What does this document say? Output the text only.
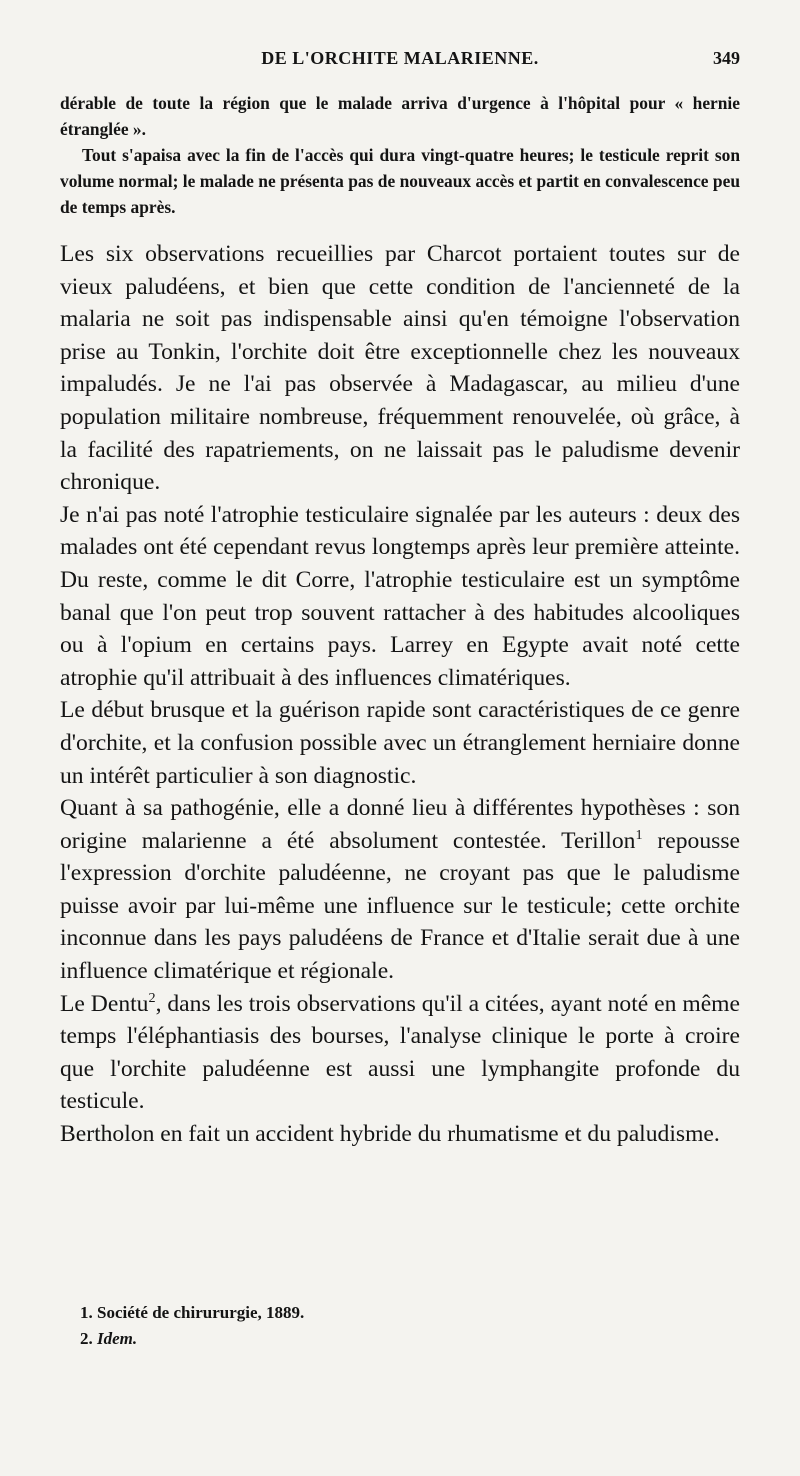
DE L'ORCHITE MALARIENNE.	349

dérable de toute la région que le malade arriva d'urgence à l'hôpital pour « hernie étranglée ».

Tout s'apaisa avec la fin de l'accès qui dura vingt-quatre heures; le testicule reprit son volume normal; le malade ne présenta pas de nouveaux accès et partit en convalescence peu de temps après.

Les six observations recueillies par Charcot portaient toutes sur de vieux paludéens, et bien que cette condition de l'ancienneté de la malaria ne soit pas indispensable ainsi qu'en témoigne l'observation prise au Tonkin, l'orchite doit être exceptionnelle chez les nouveaux impaludés. Je ne l'ai pas observée à Madagascar, au milieu d'une population militaire nombreuse, fréquemment renouvelée, où grâce, à la facilité des rapatriements, on ne laissait pas le paludisme devenir chronique.

Je n'ai pas noté l'atrophie testiculaire signalée par les auteurs : deux des malades ont été cependant revus longtemps après leur première atteinte. Du reste, comme le dit Corre, l'atrophie testiculaire est un symptôme banal que l'on peut trop souvent rattacher à des habitudes alcooliques ou à l'opium en certains pays. Larrey en Egypte avait noté cette atrophie qu'il attribuait à des influences climatériques.

Le début brusque et la guérison rapide sont caractéristiques de ce genre d'orchite, et la confusion possible avec un étranglement herniaire donne un intérêt particulier à son diagnostic.

Quant à sa pathogénie, elle a donné lieu à différentes hypothèses : son origine malarienne a été absolument contestée. Terillon$^1$ repousse l'expression d'orchite paludéenne, ne croyant pas que le paludisme puisse avoir par lui-même une influence sur le testicule; cette orchite inconnue dans les pays paludéens de France et d'Italie serait due à une influence climatérique et régionale.

Le Dentu$^2$, dans les trois observations qu'il a citées, ayant noté en même temps l'éléphantiasis des bourses, l'analyse clinique le porte à croire que l'orchite paludéenne est aussi une lymphangite profonde du testicule.

Bertholon en fait un accident hybride du rhumatisme et du paludisme.

1. Société de chirururgie, 1889.

2. Idem.
